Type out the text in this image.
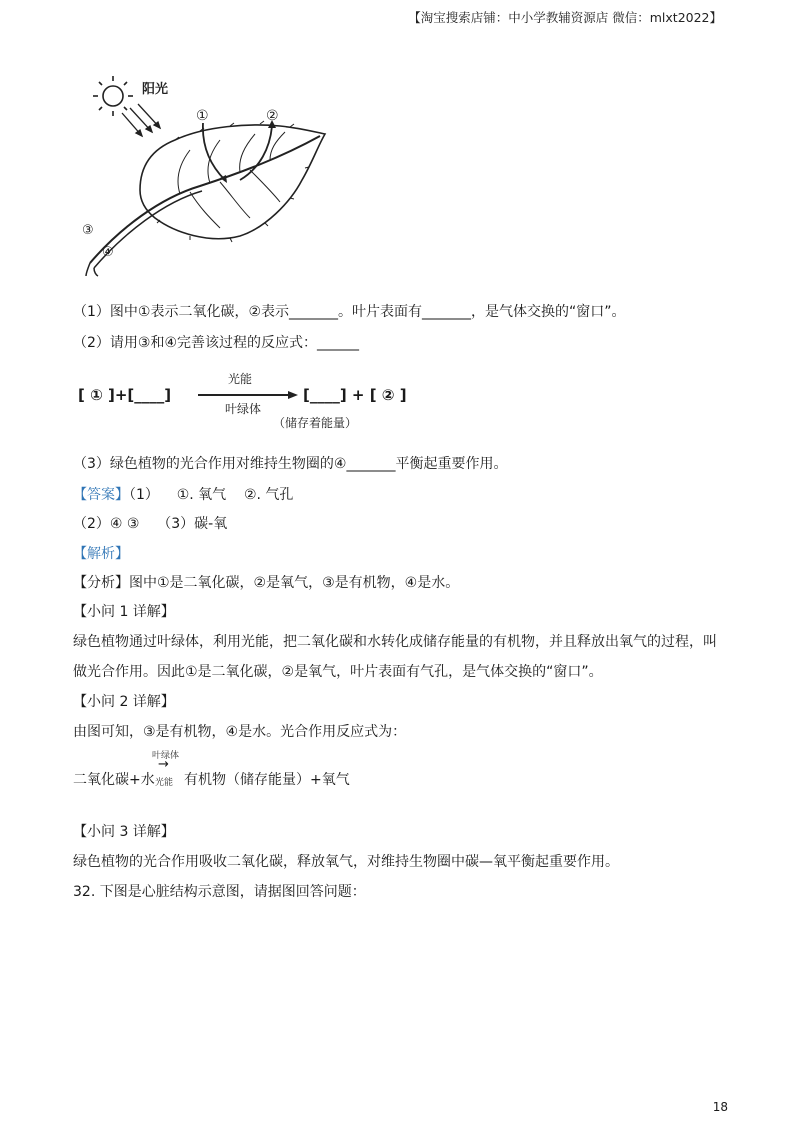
【淘宝搜索店铺：中小学教辅资源店 微信：mlxt2022】
阳光
①	②
③
④
（1）图中①表示二氧化碳，②表示_______。叶片表面有_______，是气体交换的“窗口”。
（2）请用③和④完善该过程的反应式：______
[ ① ]+[____]
光能
叶绿体
[____] + [ ② ]
（储存着能量）
（3）绿色植物的光合作用对维持生物圈的④_______平衡起重要作用。
【答案】（1）    ①. 氧气    ②. 气孔
（2）④ ③    （3）碳-氧
【解析】
【分析】图中①是二氧化碳，②是氧气，③是有机物，④是水。
【小问 1 详解】
绿色植物通过叶绿体，利用光能，把二氧化碳和水转化成储存能量的有机物，并且释放出氧气的过程，叫
做光合作用。因此①是二氧化碳，②是氧气，叶片表面有气孔，是气体交换的“窗口”。
【小问 2 详解】
由图可知，③是有机物，④是水。光合作用反应式为：
叶绿体
→
光能
二氧化碳+水 有机物（储存能量）+氧气
【小问 3 详解】
绿色植物的光合作用吸收二氧化碳，释放氧气，对维持生物圈中碳—氧平衡起重要作用。
32. 下图是心脏结构示意图，请据图回答问题：
18
